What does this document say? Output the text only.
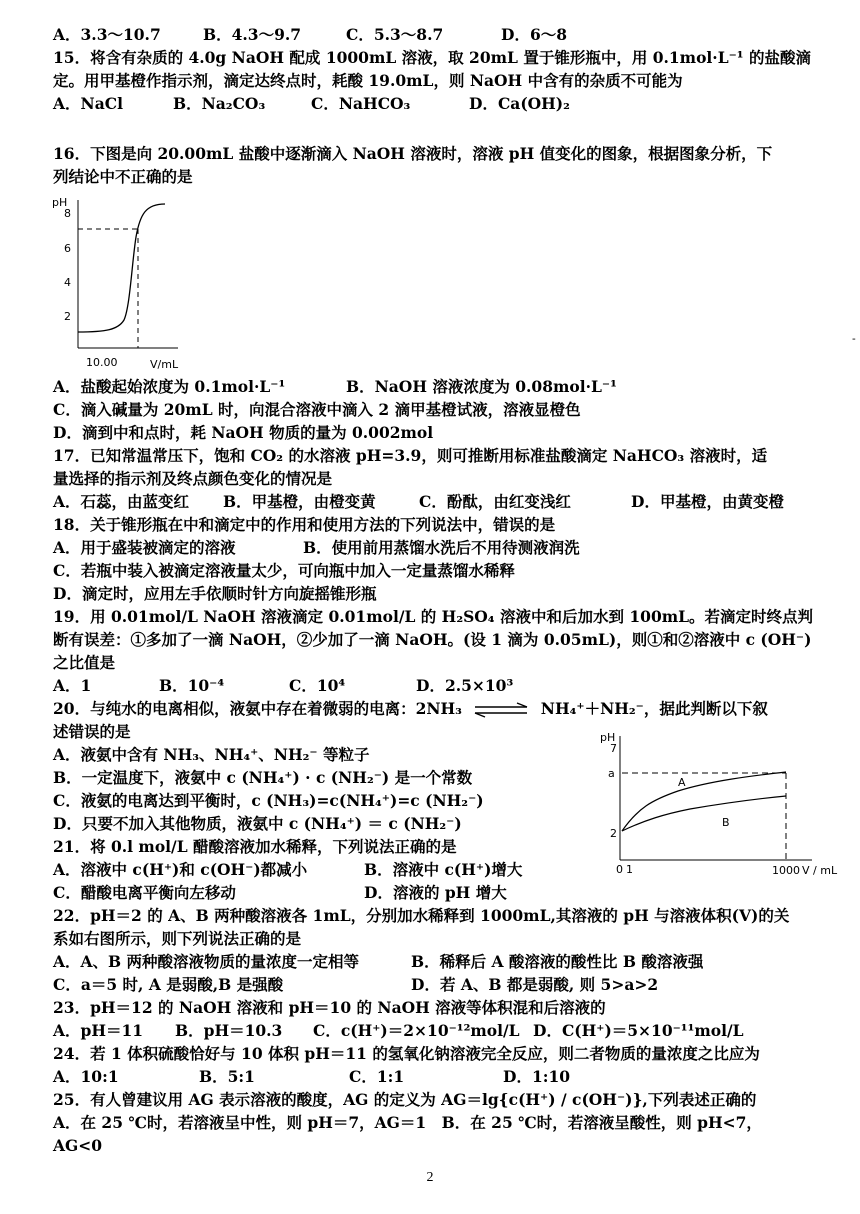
A．3.3～10.7	B．4.3～9.7	C．5.3～8.7	D．6～8
15．将含有杂质的 4.0g NaOH 配成 1000mL 溶液，取 20mL 置于锥形瓶中，用 0.1mol·L⁻¹ 的盐酸滴
定。用甲基橙作指示剂，滴定达终点时，耗酸 19.0mL，则 NaOH 中含有的杂质不可能为
A．NaCl	B．Na₂CO₃	C．NaHCO₃	D．Ca(OH)₂
16．下图是向 20.00mL 盐酸中逐渐滴入 NaOH 溶液时，溶液 pH 值变化的图象，根据图象分析，下
列结论中不正确的是
pH
8
6
4
2
10.00	V/mL
A．盐酸起始浓度为 0.1mol·L⁻¹	B．NaOH 溶液浓度为 0.08mol·L⁻¹
C．滴入碱量为 20mL 时，向混合溶液中滴入 2 滴甲基橙试液，溶液显橙色
D．滴到中和点时，耗 NaOH 物质的量为 0.002mol
17．已知常温常压下，饱和 CO₂ 的水溶液 pH=3.9，则可推断用标准盐酸滴定 NaHCO₃ 溶液时，适
量选择的指示剂及终点颜色变化的情况是
A．石蕊，由蓝变红 B．甲基橙，由橙变黄	C．酚酞，由红变浅红	D．甲基橙，由黄变橙
18．关于锥形瓶在中和滴定中的作用和使用方法的下列说法中，错误的是
A．用于盛装被滴定的溶液	B．使用前用蒸馏水洗后不用待测液润洗
C．若瓶中装入被滴定溶液量太少，可向瓶中加入一定量蒸馏水稀释
D．滴定时，应用左手依顺时针方向旋摇锥形瓶
19．用 0.01mol/L NaOH 溶液滴定 0.01mol/L 的 H₂SO₄ 溶液中和后加水到 100mL。若滴定时终点判
断有误差：①多加了一滴 NaOH，②少加了一滴 NaOH。(设 1 滴为 0.05mL)，则①和②溶液中 c (OH⁻)
之比值是
A．1	B．10⁻⁴	C．10⁴	D．2.5×10³
20．与纯水的电离相似，液氨中存在着微弱的电离：2NH₃ ⇌ NH₄⁺＋NH₂⁻，据此判断以下叙
述错误的是
A．液氨中含有 NH₃、NH₄⁺、NH₂⁻ 等粒子
B．一定温度下，液氨中 c (NH₄⁺) · c (NH₂⁻) 是一个常数
C．液氨的电离达到平衡时，c (NH₃)=c(NH₄⁺)=c (NH₂⁻)
D．只要不加入其他物质，液氨中 c (NH₄⁺) ＝ c (NH₂⁻)
21．将 0.l mol/L 醋酸溶液加水稀释，下列说法正确的是
A．溶液中 c(H⁺)和 c(OH⁻)都减小	B．溶液中 c(H⁺)增大
C．醋酸电离平衡向左移动	D．溶液的 pH 增大
pH
7
a
2
A
B
0 1	1000 V / mL
22．pH＝2 的 A、B 两种酸溶液各 1mL，分别加水稀释到 1000mL,其溶液的 pH 与溶液体积(V)的关
系如右图所示，则下列说法正确的是
A．A、B 两种酸溶液物质的量浓度一定相等	B．稀释后 A 酸溶液的酸性比 B 酸溶液强
C．a＝5 时, A 是弱酸,B 是强酸	D．若 A、B 都是弱酸, 则 5>a>2
23．pH＝12 的 NaOH 溶液和 pH＝10 的 NaOH 溶液等体积混和后溶液的
A．pH＝11 B．pH＝10.3 C．c(H⁺)＝2×10⁻¹²mol/L D．C(H⁺)＝5×10⁻¹¹mol/L
24．若 1 体积硫酸恰好与 10 体积 pH＝11 的氢氧化钠溶液完全反应，则二者物质的量浓度之比应为
A．10:1	B．5:1	C．1:1	D．1:10
25．有人曾建议用 AG 表示溶液的酸度，AG 的定义为 AG＝lg{c(H⁺) / c(OH⁻)},下列表述正确的
A．在 25 ℃时，若溶液呈中性，则 pH＝7，AG＝1　B．在 25 ℃时，若溶液呈酸性，则 pH<7，
AG<0
2
-
